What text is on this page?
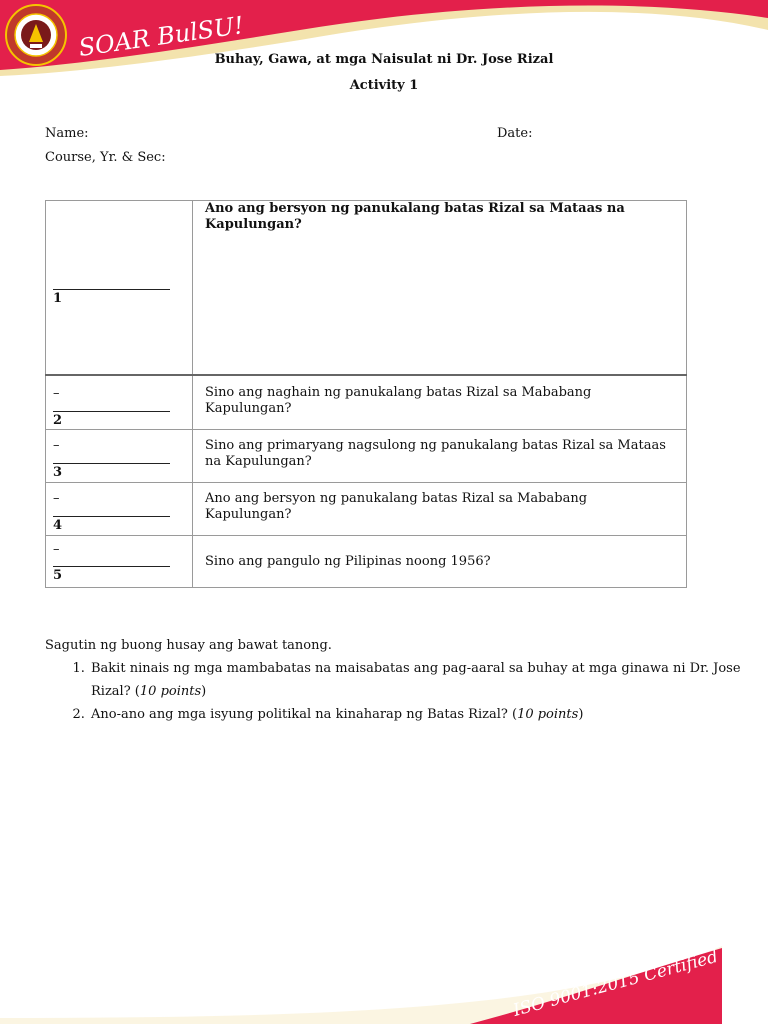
SOAR BulSU!
Buhay, Gawa, at mga Naisulat ni Dr. Jose Rizal
Activity 1
Name:	Date:
Course, Yr. & Sec:
1	Ano ang bersyon ng panukalang batas Rizal sa Mataas na
Kapulungan?

–
2	Sino ang naghain ng panukalang batas Rizal sa Mababang Kapulungan?

–
3	Sino ang primaryang nagsulong ng panukalang batas Rizal sa Mataas na Kapulungan?

–
4	Ano ang bersyon ng panukalang batas Rizal sa Mababang Kapulungan?

–
5	Sino ang pangulo ng Pilipinas noong 1956?
Sagutin ng buong husay ang bawat tanong.
1. Bakit ninais ng mga mambabatas na maisabatas ang pag-aaral sa buhay at mga ginawa ni Dr. Jose Rizal? (10 points)
2. Ano-ano ang mga isyung politikal na kinaharap ng Batas Rizal? (10 points)
ISO 9001:2015 Certified
